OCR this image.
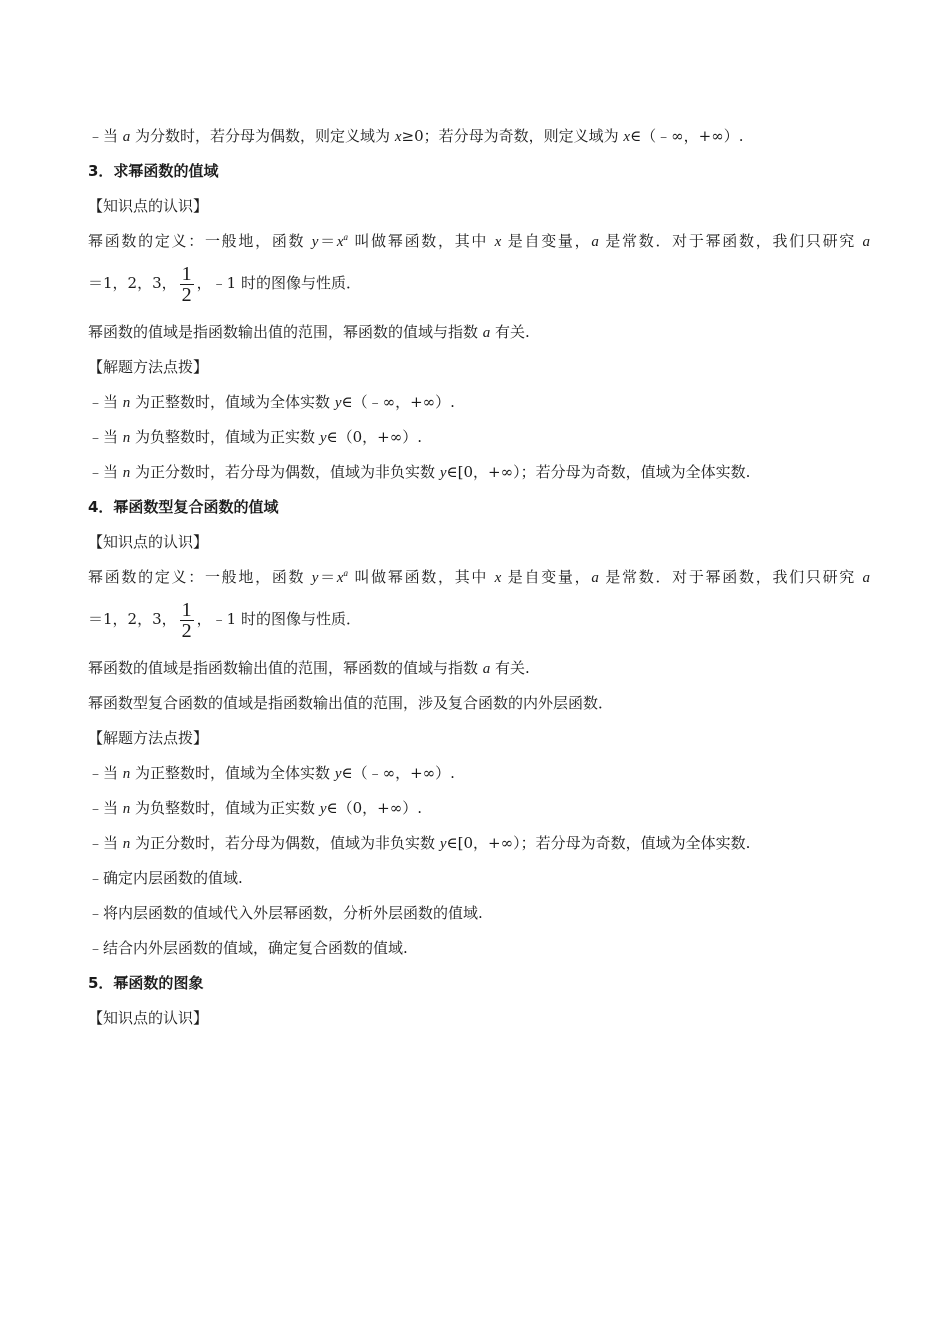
﹣当 a 为分数时，若分母为偶数，则定义域为 x≥0；若分母为奇数，则定义域为 x∈（﹣∞，+∞）.
3．求幂函数的值域
【知识点的认识】
幂函数的定义：一般地，函数 $y=x^a$ 叫做幂函数，其中 x 是自变量，a 是常数．对于幂函数，我们只研究 a
＝1，2，3， $\frac{1}{2}$ ，﹣1 时的图像与性质．
幂函数的值域是指函数输出值的范围，幂函数的值域与指数 a 有关.
【解题方法点拨】
﹣当 n 为正整数时，值域为全体实数 y∈（﹣∞，+∞）.
﹣当 n 为负整数时，值域为正实数 y∈（0，+∞）.
﹣当 n 为正分数时，若分母为偶数，值域为非负实数 y∈[0，+∞）；若分母为奇数，值域为全体实数.
4．幂函数型复合函数的值域
【知识点的认识】
幂函数的定义：一般地，函数 $y=x^a$ 叫做幂函数，其中 x 是自变量，a 是常数．对于幂函数，我们只研究 a
＝1，2，3， $\frac{1}{2}$ ，﹣1 时的图像与性质．
幂函数的值域是指函数输出值的范围，幂函数的值域与指数 a 有关.
幂函数型复合函数的值域是指函数输出值的范围，涉及复合函数的内外层函数．
【解题方法点拨】
﹣当 n 为正整数时，值域为全体实数 y∈（﹣∞，+∞）.
﹣当 n 为负整数时，值域为正实数 y∈（0，+∞）.
﹣当 n 为正分数时，若分母为偶数，值域为非负实数 y∈[0，+∞）；若分母为奇数，值域为全体实数.
﹣确定内层函数的值域.
﹣将内层函数的值域代入外层幂函数，分析外层函数的值域.
﹣结合内外层函数的值域，确定复合函数的值域.
5．幂函数的图象
【知识点的认识】
